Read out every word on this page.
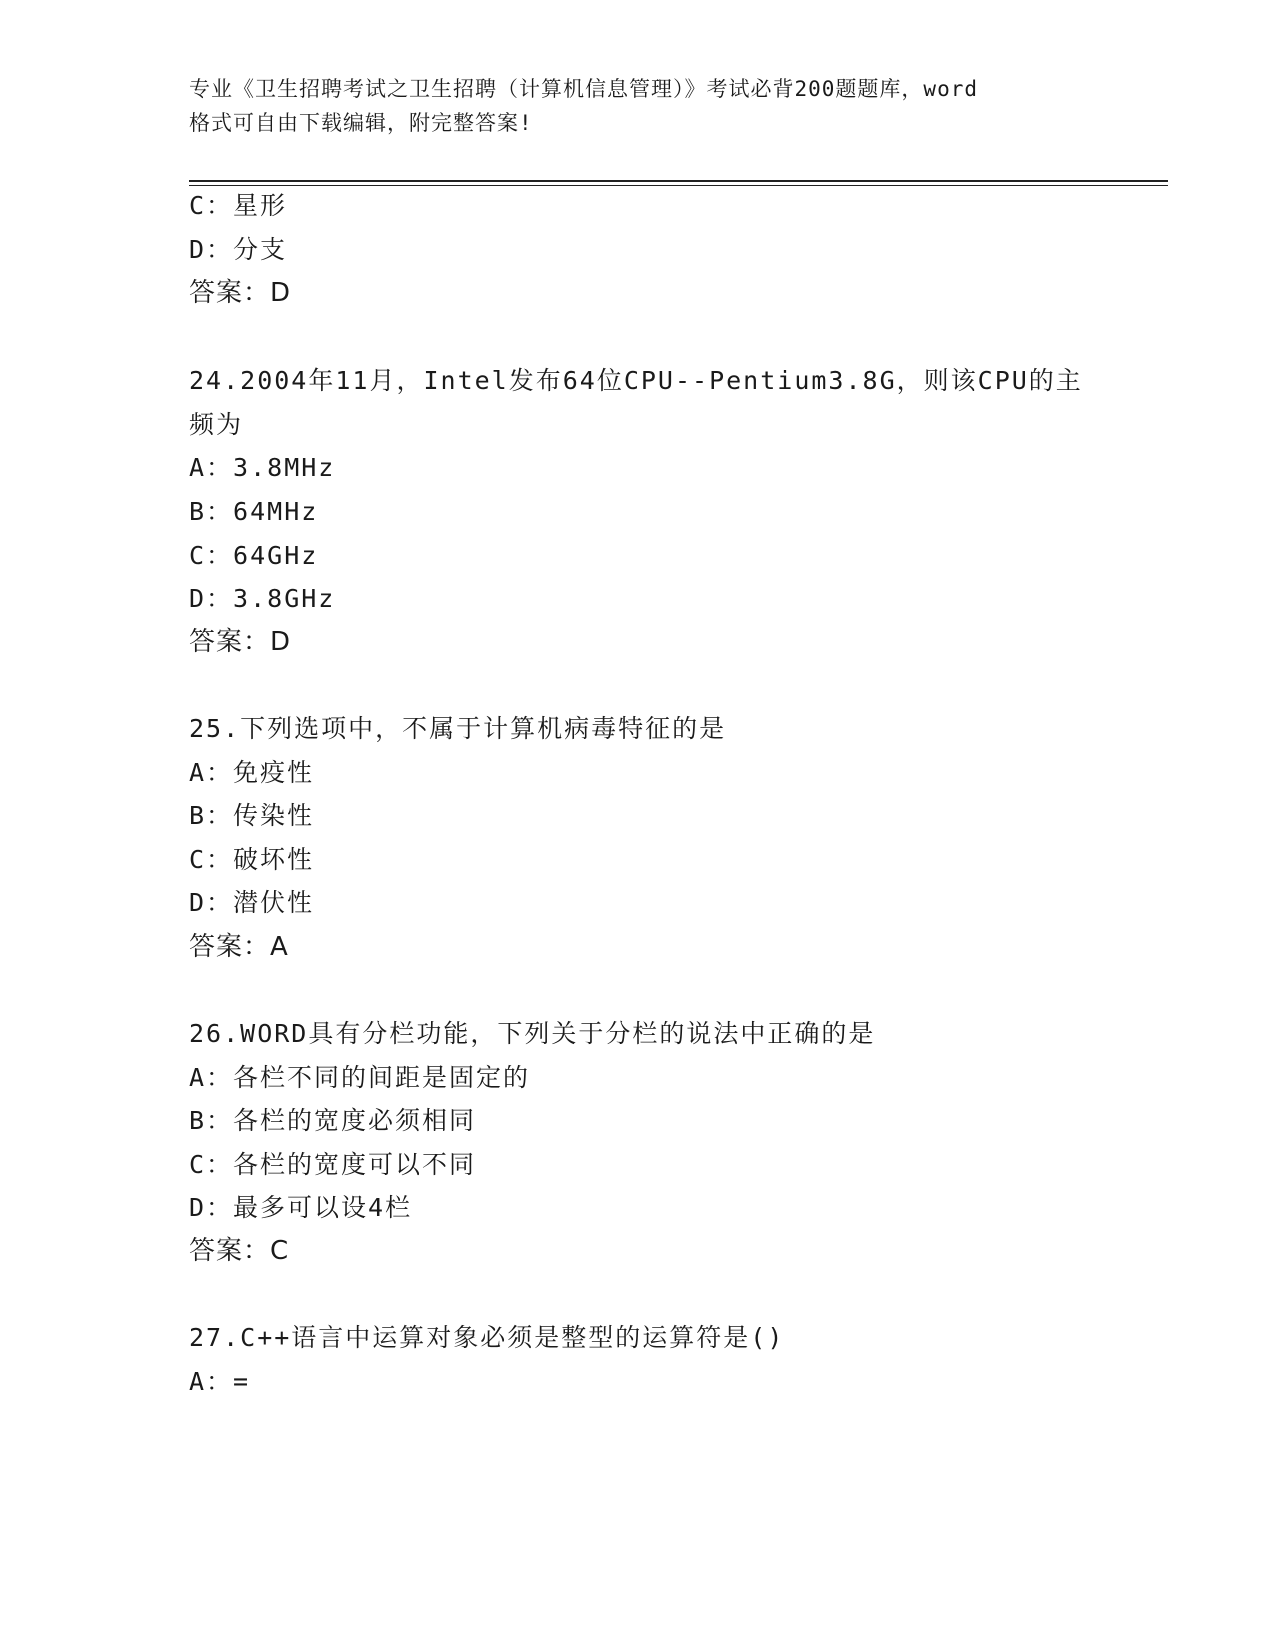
专业《卫生招聘考试之卫生招聘（计算机信息管理）》考试必背200题题库，word
格式可自由下载编辑，附完整答案!
C：星形
D：分支
答案：D
24.2004年11月，Intel发布64位CPU--Pentium3.8G，则该CPU的主
频为
A：3.8MHz
B：64MHz
C：64GHz
D：3.8GHz
答案：D
25.下列选项中，不属于计算机病毒特征的是
A：免疫性
B：传染性
C：破坏性
D：潜伏性
答案：A
26.WORD具有分栏功能，下列关于分栏的说法中正确的是
A：各栏不同的间距是固定的
B：各栏的宽度必须相同
C：各栏的宽度可以不同
D：最多可以设4栏
答案：C
27.C++语言中运算对象必须是整型的运算符是()
A：=
